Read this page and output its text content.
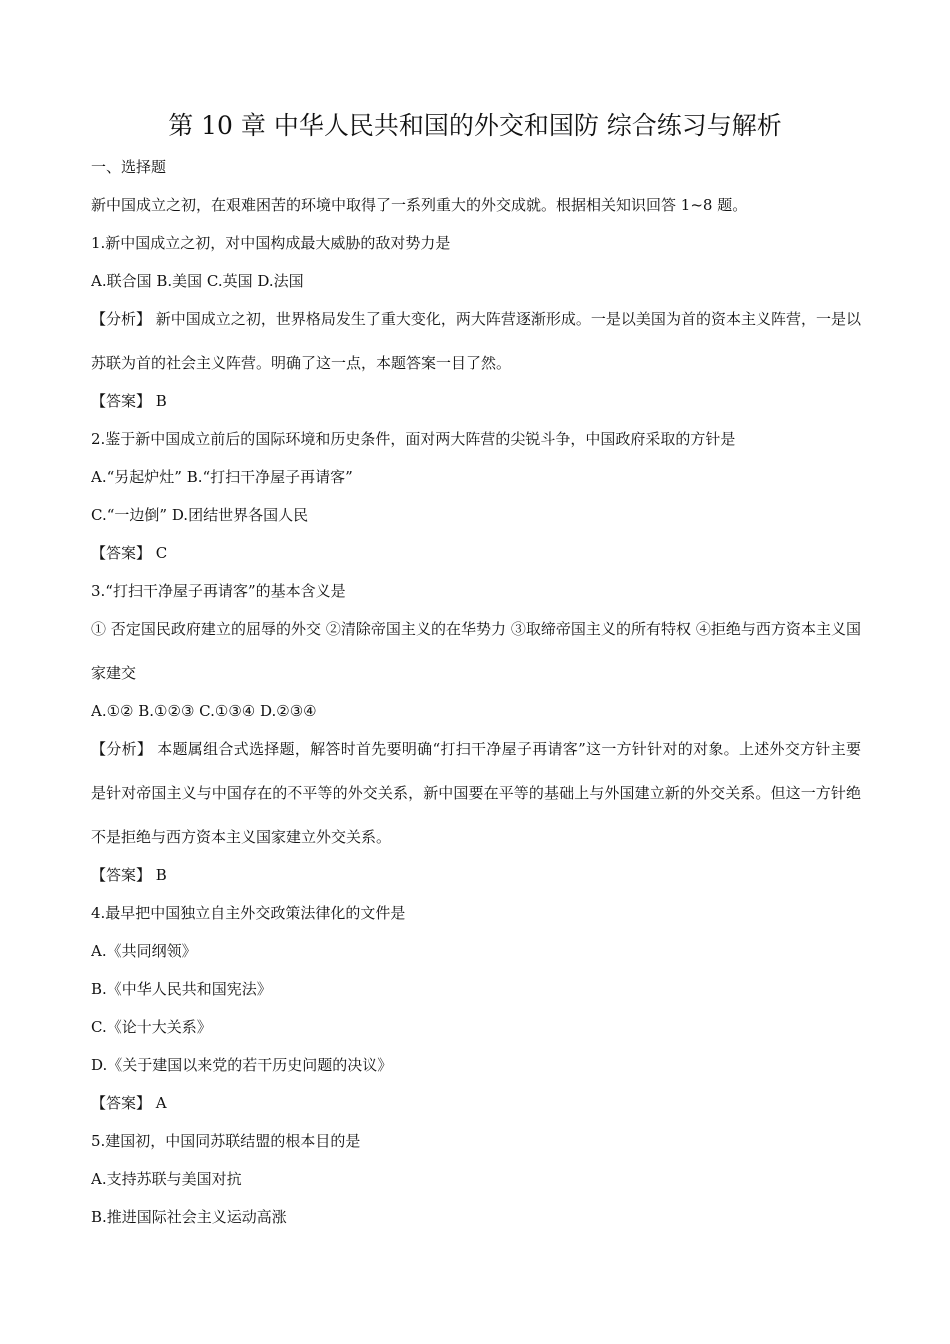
第 10 章 中华人民共和国的外交和国防 综合练习与解析
一、选择题
新中国成立之初，在艰难困苦的环境中取得了一系列重大的外交成就。根据相关知识回答 1~8 题。
1.新中国成立之初，对中国构成最大威胁的敌对势力是
A.联合国 B.美国 C.英国 D.法国
【分析】 新中国成立之初，世界格局发生了重大变化，两大阵营逐渐形成。一是以美国为首的资本主义阵营，一是以苏联为首的社会主义阵营。明确了这一点，本题答案一目了然。
【答案】 B
2.鉴于新中国成立前后的国际环境和历史条件，面对两大阵营的尖锐斗争，中国政府采取的方针是
A.“另起炉灶” B.“打扫干净屋子再请客”
C.“一边倒” D.团结世界各国人民
【答案】 C
3.“打扫干净屋子再请客”的基本含义是
① 否定国民政府建立的屈辱的外交 ②清除帝国主义的在华势力 ③取缔帝国主义的所有特权 ④拒绝与西方资本主义国家建交
A.①② B.①②③ C.①③④ D.②③④
【分析】 本题属组合式选择题，解答时首先要明确“打扫干净屋子再请客”这一方针针对的对象。上述外交方针主要是针对帝国主义与中国存在的不平等的外交关系，新中国要在平等的基础上与外国建立新的外交关系。但这一方针绝不是拒绝与西方资本主义国家建立外交关系。
【答案】 B
4.最早把中国独立自主外交政策法律化的文件是
A.《共同纲领》
B.《中华人民共和国宪法》
C.《论十大关系》
D.《关于建国以来党的若干历史问题的决议》
【答案】 A
5.建国初，中国同苏联结盟的根本目的是
A.支持苏联与美国对抗
B.推进国际社会主义运动高涨
